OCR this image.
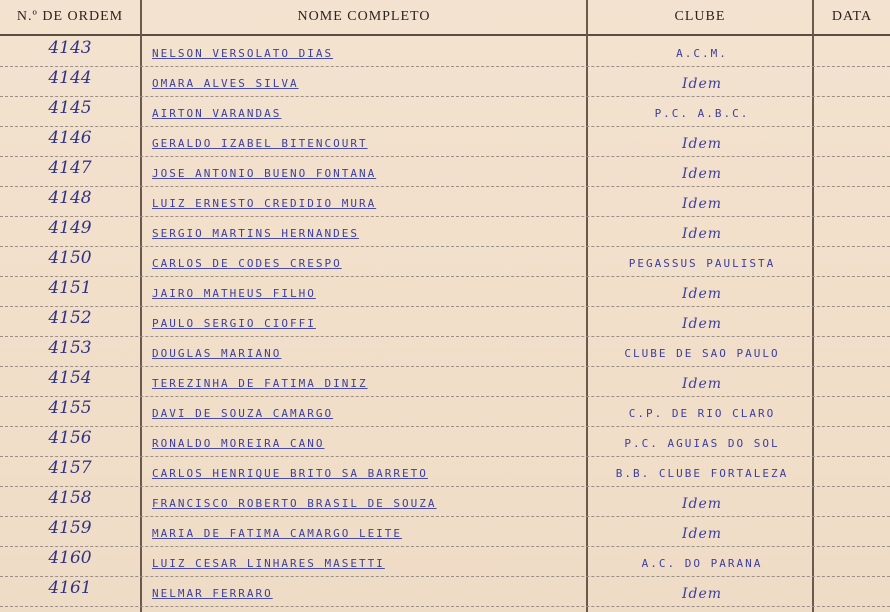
N.º DE ORDEM	NOME COMPLETO	CLUBE	DATA
4143	NELSON VERSOLATO DIAS	A.C.M.
4144	OMARA ALVES SILVA	Idem
4145	AIRTON VARANDAS	P.C. A.B.C.
4146	GERALDO IZABEL BITENCOURT	Idem
4147	JOSE ANTONIO BUENO FONTANA	Idem
4148	LUIZ ERNESTO CREDIDIO MURA	Idem
4149	SERGIO MARTINS HERNANDES	Idem
4150	CARLOS DE CODES CRESPO	PEGASSUS PAULISTA
4151	JAIRO MATHEUS FILHO	Idem
4152	PAULO SERGIO CIOFFI	Idem
4153	DOUGLAS MARIANO	CLUBE DE SAO PAULO
4154	TEREZINHA DE FATIMA DINIZ	Idem
4155	DAVI DE SOUZA CAMARGO	C.P. DE RIO CLARO
4156	RONALDO MOREIRA CANO	P.C. AGUIAS DO SOL
4157	CARLOS HENRIQUE BRITO SA BARRETO	B.B. CLUBE FORTALEZA
4158	FRANCISCO ROBERTO BRASIL DE SOUZA	Idem
4159	MARIA DE FATIMA CAMARGO LEITE	Idem
4160	LUIZ CESAR LINHARES MASETTI	A.C. DO PARANA
4161	NELMAR FERRARO	Idem
